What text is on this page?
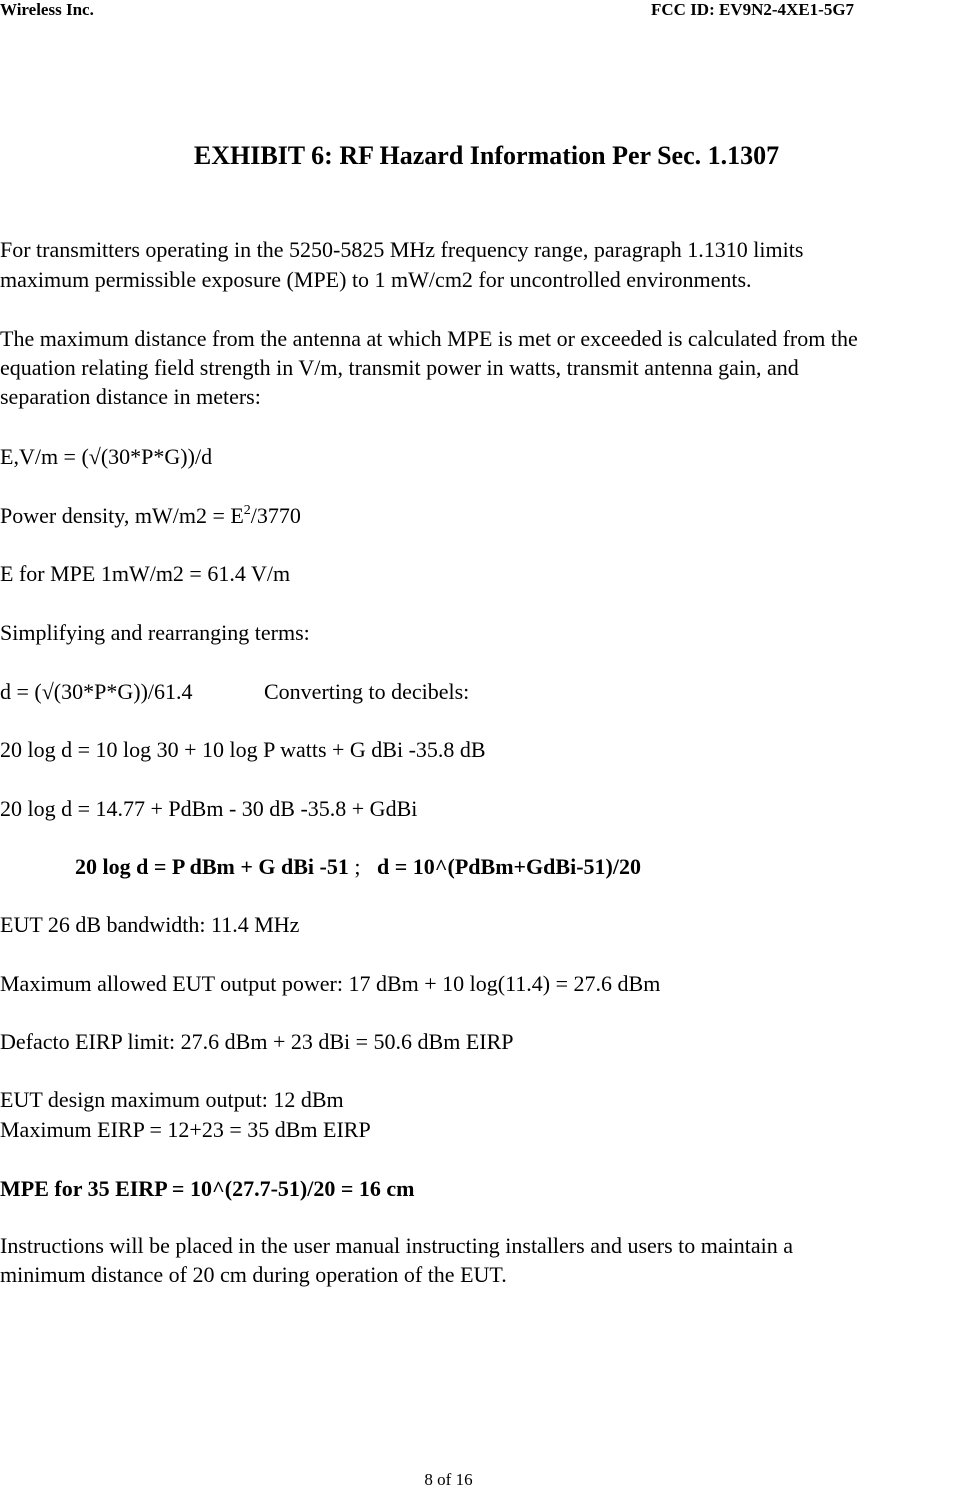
Wireless Inc.	FCC ID: EV9N2-4XE1-5G7
EXHIBIT 6: RF Hazard Information Per Sec. 1.1307
For transmitters operating in the 5250-5825 MHz frequency range, paragraph 1.1310 limits
maximum permissible exposure (MPE) to 1 mW/cm2 for uncontrolled environments.
The maximum distance from the antenna at which MPE is met or exceeded is calculated from the
equation relating field strength in V/m, transmit power in watts, transmit antenna gain, and
separation distance in meters:
E,V/m = (√(30*P*G))/d
Power density, $mW/m2 = E^2/3770$
E for MPE 1mW/m2 = 61.4 V/m
Simplifying and rearranging terms:
d = (√(30*P*G))/61.4	Converting to decibels:
20 log d = 10 log 30 + 10 log P watts + G dBi -35.8 dB
20 log d = 14.77 + PdBm - 30 dB -35.8 + GdBi
20 log d = P dBm + G dBi -51 ;   d = 10^(PdBm+GdBi-51)/20
EUT 26 dB bandwidth: 11.4 MHz
Maximum allowed EUT output power: 17 dBm + 10 log(11.4) = 27.6 dBm
Defacto EIRP limit: 27.6 dBm + 23 dBi = 50.6 dBm EIRP
EUT design maximum output: 12 dBm
Maximum EIRP = 12+23 = 35 dBm EIRP
MPE for 35 EIRP = 10^(27.7-51)/20 = 16 cm
Instructions will be placed in the user manual instructing installers and users to maintain a
minimum distance of 20 cm during operation of the EUT.
8 of 16
